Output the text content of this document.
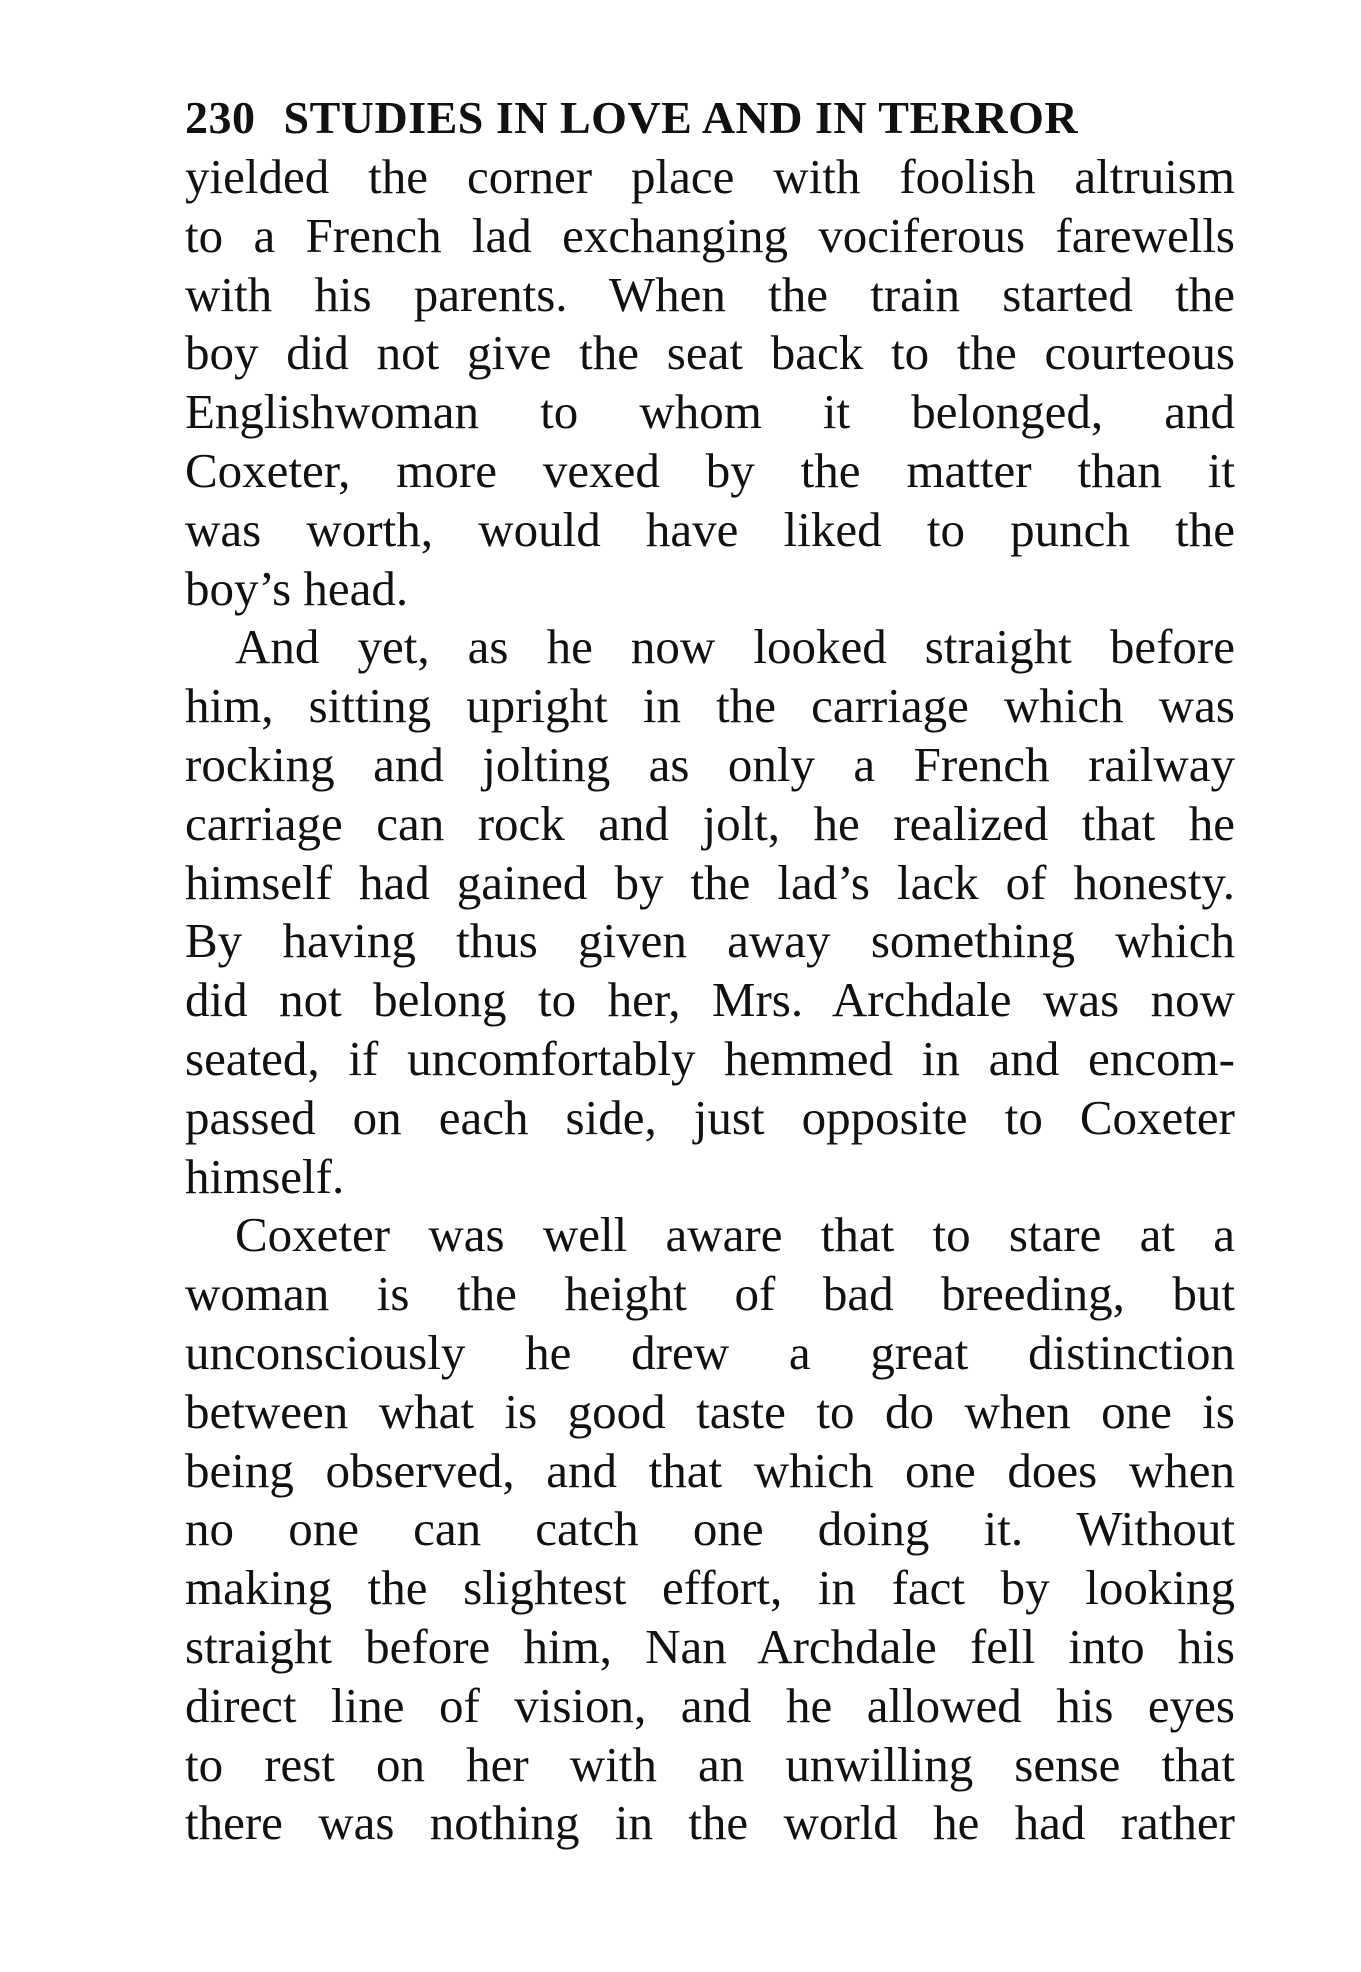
230 STUDIES IN LOVE AND IN TERROR
yielded the corner place with foolish altruism
to a French lad exchanging vociferous farewells
with his parents. When the train started the
boy did not give the seat back to the courteous
Englishwoman to whom it belonged, and
Coxeter, more vexed by the matter than it
was worth, would have liked to punch the
boy’s head.
And yet, as he now looked straight before
him, sitting upright in the carriage which was
rocking and jolting as only a French railway
carriage can rock and jolt, he realized that he
himself had gained by the lad’s lack of honesty.
By having thus given away something which
did not belong to her, Mrs. Archdale was now
seated, if uncomfortably hemmed in and encom-
passed on each side, just opposite to Coxeter
himself.
Coxeter was well aware that to stare at a
woman is the height of bad breeding, but
unconsciously he drew a great distinction
between what is good taste to do when one is
being observed, and that which one does when
no one can catch one doing it. Without
making the slightest effort, in fact by looking
straight before him, Nan Archdale fell into his
direct line of vision, and he allowed his eyes
to rest on her with an unwilling sense that
there was nothing in the world he had rather
